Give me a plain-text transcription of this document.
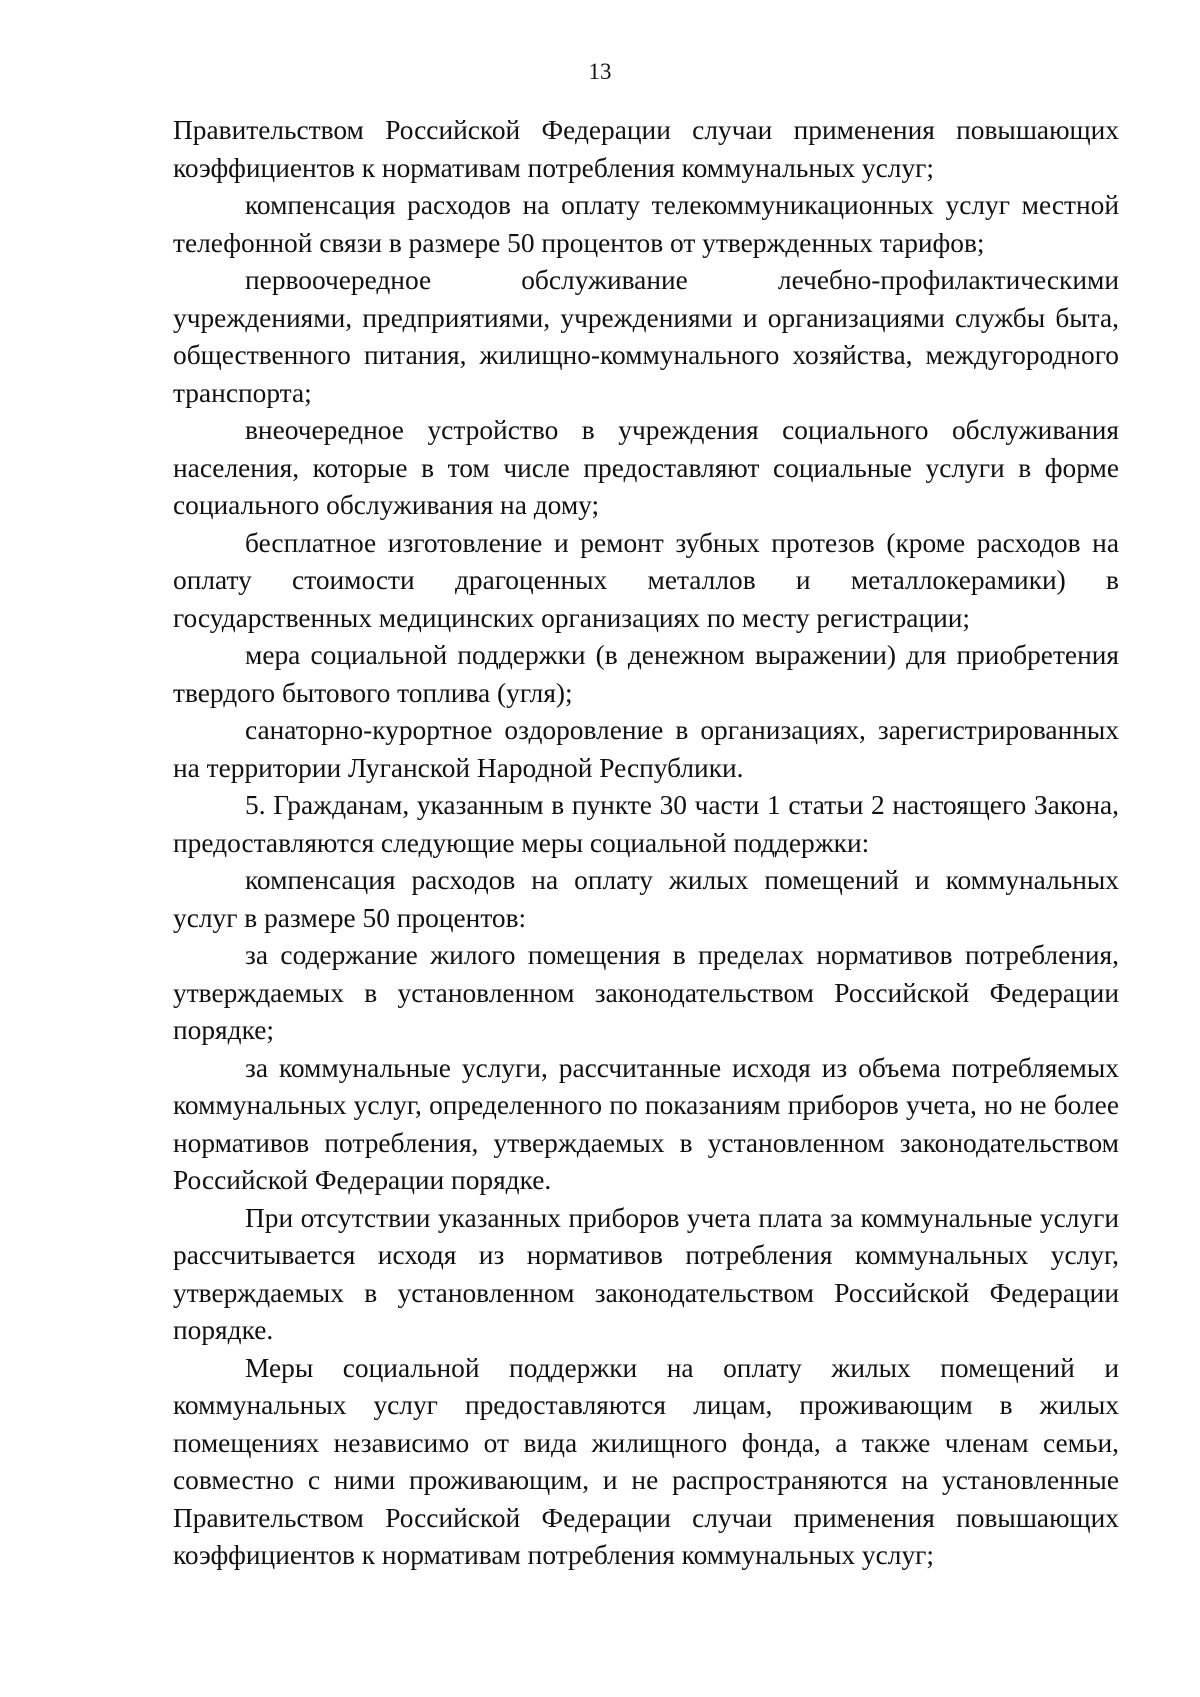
13

Правительством Российской Федерации случаи применения повышающих коэффициентов к нормативам потребления коммунальных услуг;

компенсация расходов на оплату телекоммуникационных услуг местной телефонной связи в размере 50 процентов от утвержденных тарифов;

первоочередное обслуживание лечебно-профилактическими учреждениями, предприятиями, учреждениями и организациями службы быта, общественного питания, жилищно-коммунального хозяйства, междугородного транспорта;

внеочередное устройство в учреждения социального обслуживания населения, которые в том числе предоставляют социальные услуги в форме социального обслуживания на дому;

бесплатное изготовление и ремонт зубных протезов (кроме расходов на оплату стоимости драгоценных металлов и металлокерамики) в государственных медицинских организациях по месту регистрации;

мера социальной поддержки (в денежном выражении) для приобретения твердого бытового топлива (угля);

санаторно-курортное оздоровление в организациях, зарегистрированных на территории Луганской Народной Республики.

5. Гражданам, указанным в пункте 30 части 1 статьи 2 настоящего Закона, предоставляются следующие меры социальной поддержки:

компенсация расходов на оплату жилых помещений и коммунальных услуг в размере 50 процентов:

за содержание жилого помещения в пределах нормативов потребления, утверждаемых в установленном законодательством Российской Федерации порядке;

за коммунальные услуги, рассчитанные исходя из объема потребляемых коммунальных услуг, определенного по показаниям приборов учета, но не более нормативов потребления, утверждаемых в установленном законодательством Российской Федерации порядке.

При отсутствии указанных приборов учета плата за коммунальные услуги рассчитывается исходя из нормативов потребления коммунальных услуг, утверждаемых в установленном законодательством Российской Федерации порядке.

Меры социальной поддержки на оплату жилых помещений и коммунальных услуг предоставляются лицам, проживающим в жилых помещениях независимо от вида жилищного фонда, а также членам семьи, совместно с ними проживающим, и не распространяются на установленные Правительством Российской Федерации случаи применения повышающих коэффициентов к нормативам потребления коммунальных услуг;
